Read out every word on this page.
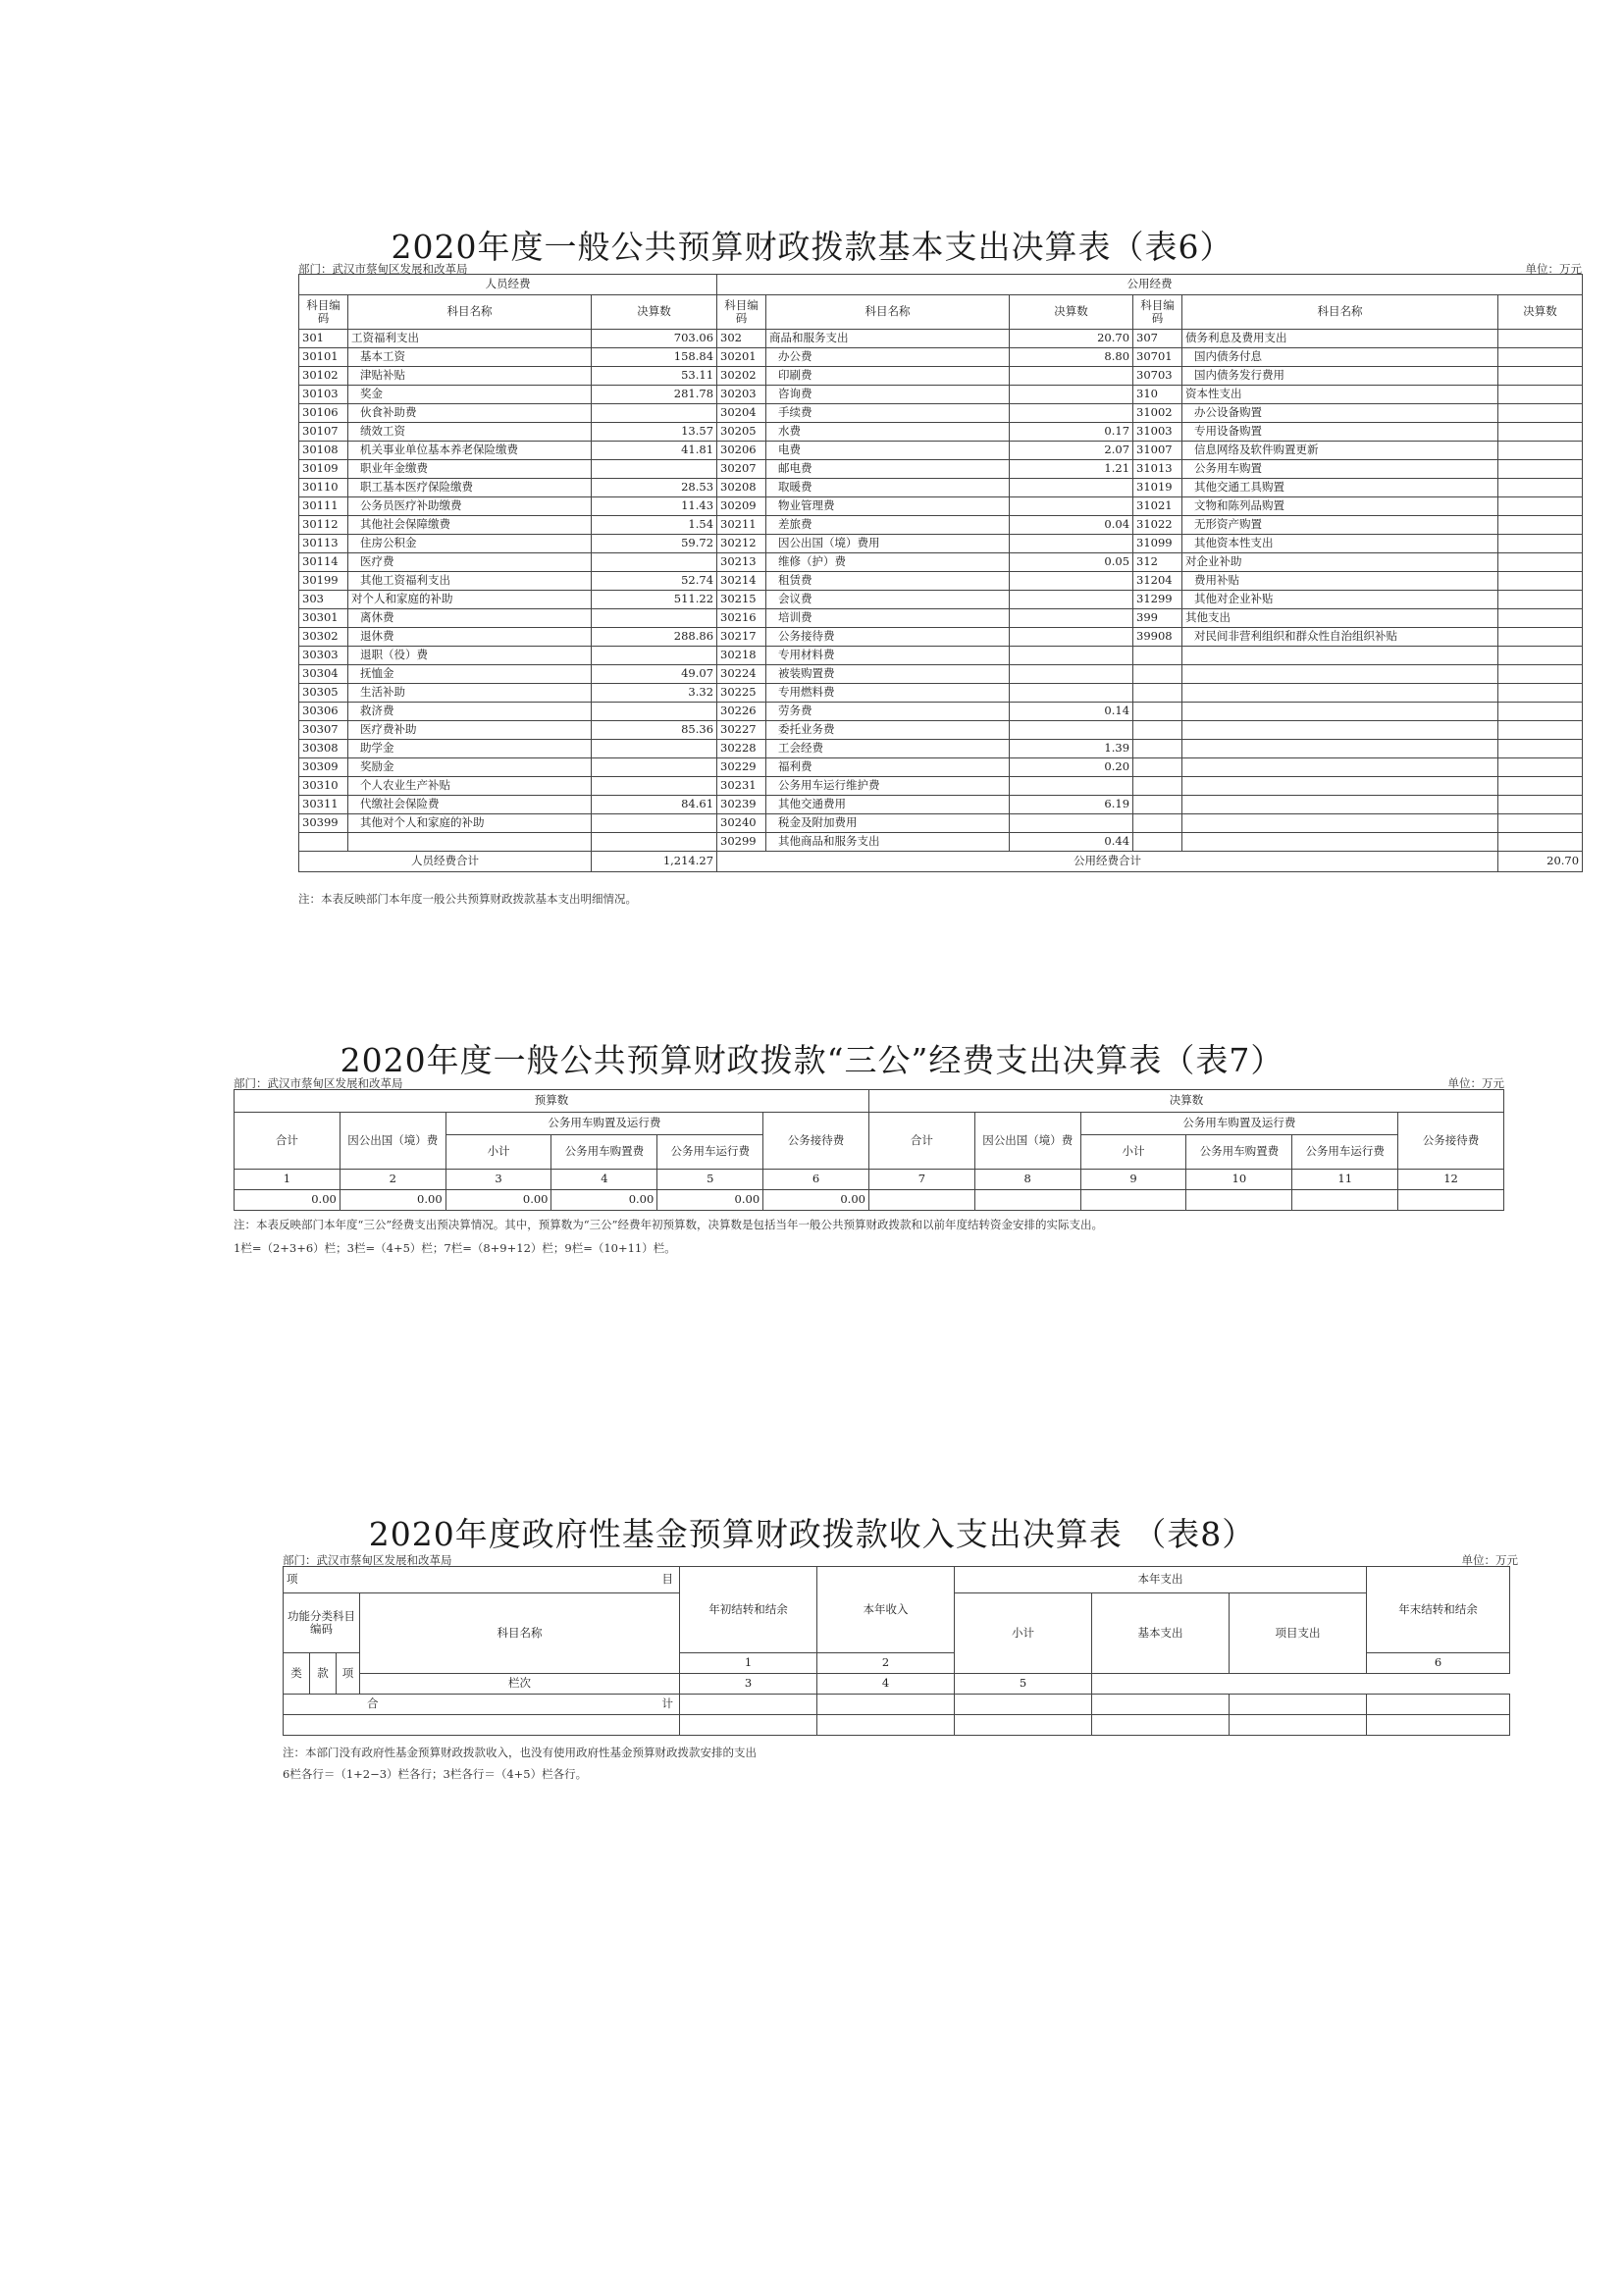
2020年度一般公共预算财政拨款基本支出决算表（表6）
部门：武汉市蔡甸区发展和改革局	单位：万元
人员经费			公用经费					
科目编码	科目名称	决算数	科目编码	科目名称	决算数	科目编码	科目名称	决算数
301	工资福利支出	703.06	302	商品和服务支出	20.70	307	债务利息及费用支出	
30101	基本工资	158.84	30201	办公费	8.80	30701	国内债务付息	
30102	津贴补贴	53.11	30202	印刷费		30703	国内债务发行费用	
30103	奖金	281.78	30203	咨询费		310	资本性支出	
30106	伙食补助费		30204	手续费		31002	办公设备购置	
30107	绩效工资	13.57	30205	水费	0.17	31003	专用设备购置	
30108	机关事业单位基本养老保险缴费	41.81	30206	电费	2.07	31007	信息网络及软件购置更新	
30109	职业年金缴费		30207	邮电费	1.21	31013	公务用车购置	
30110	职工基本医疗保险缴费	28.53	30208	取暖费		31019	其他交通工具购置	
30111	公务员医疗补助缴费	11.43	30209	物业管理费		31021	文物和陈列品购置	
30112	其他社会保障缴费	1.54	30211	差旅费	0.04	31022	无形资产购置	
30113	住房公积金	59.72	30212	因公出国（境）费用		31099	其他资本性支出	
30114	医疗费		30213	维修（护）费	0.05	312	对企业补助	
30199	其他工资福利支出	52.74	30214	租赁费		31204	费用补贴	
303	对个人和家庭的补助	511.22	30215	会议费		31299	其他对企业补贴	
30301	离休费		30216	培训费		399	其他支出	
30302	退休费	288.86	30217	公务接待费		39908	对民间非营利组织和群众性自治组织补贴	
30303	退职（役）费		30218	专用材料费				
30304	抚恤金	49.07	30224	被装购置费				
30305	生活补助	3.32	30225	专用燃料费				
30306	救济费		30226	劳务费	0.14			
30307	医疗费补助	85.36	30227	委托业务费				
30308	助学金		30228	工会经费	1.39			
30309	奖励金		30229	福利费	0.20			
30310	个人农业生产补贴		30231	公务用车运行维护费				
30311	代缴社会保险费	84.61	30239	其他交通费用	6.19			
30399	其他对个人和家庭的补助		30240	税金及附加费用				
			30299	其他商品和服务支出	0.44			
人员经费合计		1,214.27	公用经费合计					20.70
注：本表反映部门本年度一般公共预算财政拨款基本支出明细情况。
2020年度一般公共预算财政拨款“三公”经费支出决算表（表7）
部门：武汉市蔡甸区发展和改革局	单位：万元
预算数						决算数					
合计	因公出国（境）费	公务用车购置及运行费			公务接待费	合计	因公出国（境）费	公务用车购置及运行费			公务接待费
		小计	公务用车购置费	公务用车运行费				小计	公务用车购置费	公务用车运行费	
1	2	3	4	5	6	7	8	9	10	11	12
0.00	0.00	0.00	0.00	0.00	0.00						
注：本表反映部门本年度“三公”经费支出预决算情况。其中，预算数为“三公”经费年初预算数，决算数是包括当年一般公共预算财政拨款和以前年度结转资金安排的实际支出。
1栏=（2+3+6）栏；3栏=（4+5）栏；7栏=（8+9+12）栏；9栏=（10+11）栏。
2020年度政府性基金预算财政拨款收入支出决算表 （表8）
部门：武汉市蔡甸区发展和改革局	单位：万元
项 目				年初结转和结余	本年收入	本年支出			年末结转和结余
功能分类科目编码			科目名称			小计	基本支出	项目支出	
类	款	项		1	2				6
			栏次	3	4	5			
合 计									

注：本部门没有政府性基金预算财政拨款收入，也没有使用政府性基金预算财政拨款安排的支出
6栏各行＝（1+2−3）栏各行；3栏各行＝（4+5）栏各行。
